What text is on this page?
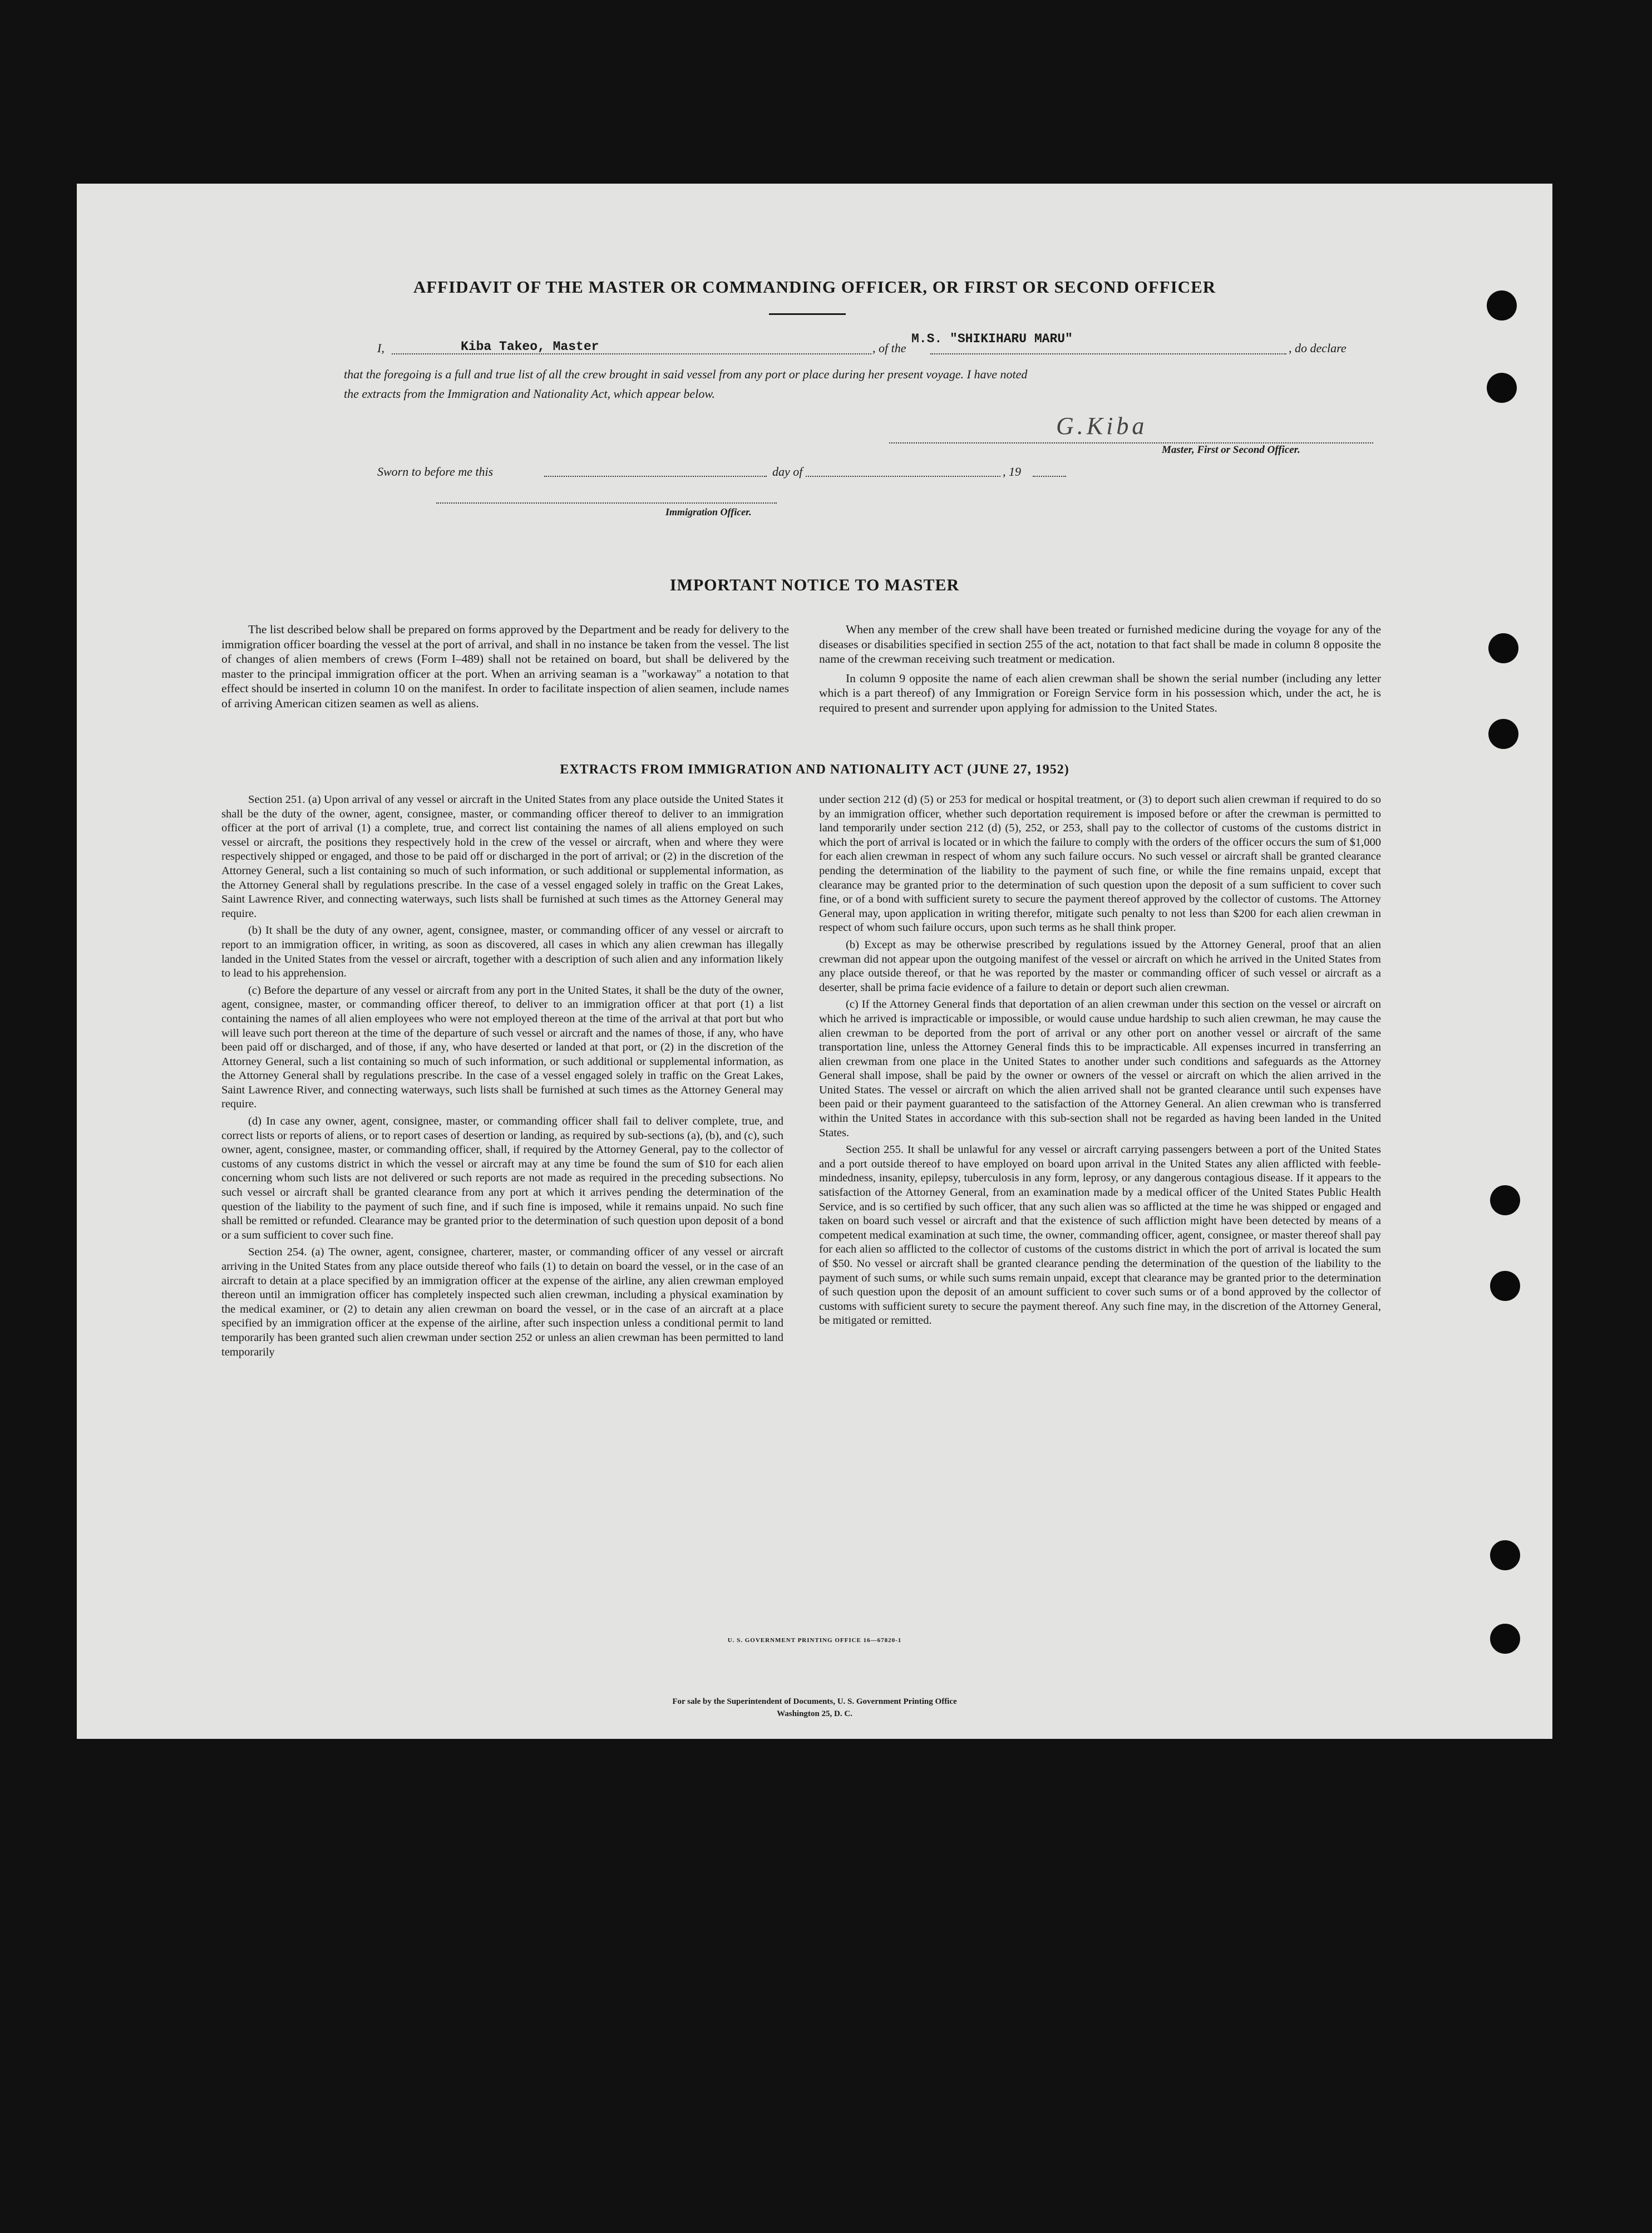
AFFIDAVIT OF THE MASTER OR COMMANDING OFFICER, OR FIRST OR SECOND OFFICER
I,	Kiba Takeo, Master	, of the
M.S. "SHIKIHARU MARU"
, do declare
that the foregoing is a full and true list of all the crew brought in said vessel from any port or place during her present voyage. I have noted
the extracts from the Immigration and Nationality Act, which appear below.
G.Kiba
Master, First or Second Officer.
Sworn to before me this	day of	, 19
Immigration Officer.
IMPORTANT NOTICE TO MASTER

The list described below shall be prepared on forms approved by the Department and be ready for delivery to the immigration officer boarding the vessel at the port of arrival, and shall in no instance be taken from the vessel. The list of changes of alien members of crews (Form I–489) shall not be retained on board, but shall be delivered by the master to the principal immigration officer at the port. When an arriving seaman is a "workaway" a notation to that effect should be inserted in column 10 on the manifest. In order to facilitate inspection of alien seamen, include names of arriving American citizen seamen as well as aliens.

When any member of the crew shall have been treated or furnished medicine during the voyage for any of the diseases or disabilities specified in section 255 of the act, notation to that fact shall be made in column 8 opposite the name of the crewman receiving such treatment or medication.

In column 9 opposite the name of each alien crewman shall be shown the serial number (including any letter which is a part thereof) of any Immigration or Foreign Service form in his possession which, under the act, he is required to present and surrender upon applying for admission to the United States.

EXTRACTS FROM IMMIGRATION AND NATIONALITY ACT (JUNE 27, 1952)

Section 251. (a) Upon arrival of any vessel or aircraft in the United States from any place outside the United States it shall be the duty of the owner, agent, consignee, master, or commanding officer thereof to deliver to an immigration officer at the port of arrival (1) a complete, true, and correct list containing the names of all aliens employed on such vessel or aircraft, the positions they respectively hold in the crew of the vessel or aircraft, when and where they were respectively shipped or engaged, and those to be paid off or discharged in the port of arrival; or (2) in the discretion of the Attorney General, such a list containing so much of such information, or such additional or supplemental information, as the Attorney General shall by regulations prescribe. In the case of a vessel engaged solely in traffic on the Great Lakes, Saint Lawrence River, and connecting waterways, such lists shall be furnished at such times as the Attorney General may require.

(b) It shall be the duty of any owner, agent, consignee, master, or commanding officer of any vessel or aircraft to report to an immigration officer, in writing, as soon as discovered, all cases in which any alien crewman has illegally landed in the United States from the vessel or aircraft, together with a description of such alien and any information likely to lead to his apprehension.

(c) Before the departure of any vessel or aircraft from any port in the United States, it shall be the duty of the owner, agent, consignee, master, or commanding officer thereof, to deliver to an immigration officer at that port (1) a list containing the names of all alien employees who were not employed thereon at the time of the arrival at that port but who will leave such port thereon at the time of the departure of such vessel or aircraft and the names of those, if any, who have been paid off or discharged, and of those, if any, who have deserted or landed at that port, or (2) in the discretion of the Attorney General, such a list containing so much of such information, or such additional or supplemental information, as the Attorney General shall by regulations prescribe. In the case of a vessel engaged solely in traffic on the Great Lakes, Saint Lawrence River, and connecting waterways, such lists shall be furnished at such times as the Attorney General may require.

(d) In case any owner, agent, consignee, master, or commanding officer shall fail to deliver complete, true, and correct lists or reports of aliens, or to report cases of desertion or landing, as required by sub-sections (a), (b), and (c), such owner, agent, consignee, master, or commanding officer, shall, if required by the Attorney General, pay to the collector of customs of any customs district in which the vessel or aircraft may at any time be found the sum of $10 for each alien concerning whom such lists are not delivered or such reports are not made as required in the preceding subsections. No such vessel or aircraft shall be granted clearance from any port at which it arrives pending the determination of the question of the liability to the payment of such fine, and if such fine is imposed, while it remains unpaid. No such fine shall be remitted or refunded. Clearance may be granted prior to the determination of such question upon deposit of a bond or a sum sufficient to cover such fine.

Section 254. (a) The owner, agent, consignee, charterer, master, or commanding officer of any vessel or aircraft arriving in the United States from any place outside thereof who fails (1) to detain on board the vessel, or in the case of an aircraft to detain at a place specified by an immigration officer at the expense of the airline, any alien crewman employed thereon until an immigration officer has completely inspected such alien crewman, including a physical examination by the medical examiner, or (2) to detain any alien crewman on board the vessel, or in the case of an aircraft at a place specified by an immigration officer at the expense of the airline, after such inspection unless a conditional permit to land temporarily has been granted such alien crewman under section 252 or unless an alien crewman has been permitted to land temporarily

under section 212 (d) (5) or 253 for medical or hospital treatment, or (3) to deport such alien crewman if required to do so by an immigration officer, whether such deportation requirement is imposed before or after the crewman is permitted to land temporarily under section 212 (d) (5), 252, or 253, shall pay to the collector of customs of the customs district in which the port of arrival is located or in which the failure to comply with the orders of the officer occurs the sum of $1,000 for each alien crewman in respect of whom any such failure occurs. No such vessel or aircraft shall be granted clearance pending the determination of the liability to the payment of such fine, or while the fine remains unpaid, except that clearance may be granted prior to the determination of such question upon the deposit of a sum sufficient to cover such fine, or of a bond with sufficient surety to secure the payment thereof approved by the collector of customs. The Attorney General may, upon application in writing therefor, mitigate such penalty to not less than $200 for each alien crewman in respect of whom such failure occurs, upon such terms as he shall think proper.

(b) Except as may be otherwise prescribed by regulations issued by the Attorney General, proof that an alien crewman did not appear upon the outgoing manifest of the vessel or aircraft on which he arrived in the United States from any place outside thereof, or that he was reported by the master or commanding officer of such vessel or aircraft as a deserter, shall be prima facie evidence of a failure to detain or deport such alien crewman.

(c) If the Attorney General finds that deportation of an alien crewman under this section on the vessel or aircraft on which he arrived is impracticable or impossible, or would cause undue hardship to such alien crewman, he may cause the alien crewman to be deported from the port of arrival or any other port on another vessel or aircraft of the same transportation line, unless the Attorney General finds this to be impracticable. All expenses incurred in transferring an alien crewman from one place in the United States to another under such conditions and safeguards as the Attorney General shall impose, shall be paid by the owner or owners of the vessel or aircraft on which the alien arrived in the United States. The vessel or aircraft on which the alien arrived shall not be granted clearance until such expenses have been paid or their payment guaranteed to the satisfaction of the Attorney General. An alien crewman who is transferred within the United States in accordance with this sub-section shall not be regarded as having been landed in the United States.

Section 255. It shall be unlawful for any vessel or aircraft carrying passengers between a port of the United States and a port outside thereof to have employed on board upon arrival in the United States any alien afflicted with feeble-mindedness, insanity, epilepsy, tuberculosis in any form, leprosy, or any dangerous contagious disease. If it appears to the satisfaction of the Attorney General, from an examination made by a medical officer of the United States Public Health Service, and is so certified by such officer, that any such alien was so afflicted at the time he was shipped or engaged and taken on board such vessel or aircraft and that the existence of such affliction might have been detected by means of a competent medical examination at such time, the owner, commanding officer, agent, consignee, or master thereof shall pay for each alien so afflicted to the collector of customs of the customs district in which the port of arrival is located the sum of $50. No vessel or aircraft shall be granted clearance pending the determination of the question of the liability to the payment of such sums, or while such sums remain unpaid, except that clearance may be granted prior to the determination of such question upon the deposit of an amount sufficient to cover such sums or of a bond approved by the collector of customs with sufficient surety to secure the payment thereof. Any such fine may, in the discretion of the Attorney General, be mitigated or remitted.

U. S. GOVERNMENT PRINTING OFFICE 16—67820-1
For sale by the Superintendent of Documents, U. S. Government Printing Office
Washington 25, D. C.
